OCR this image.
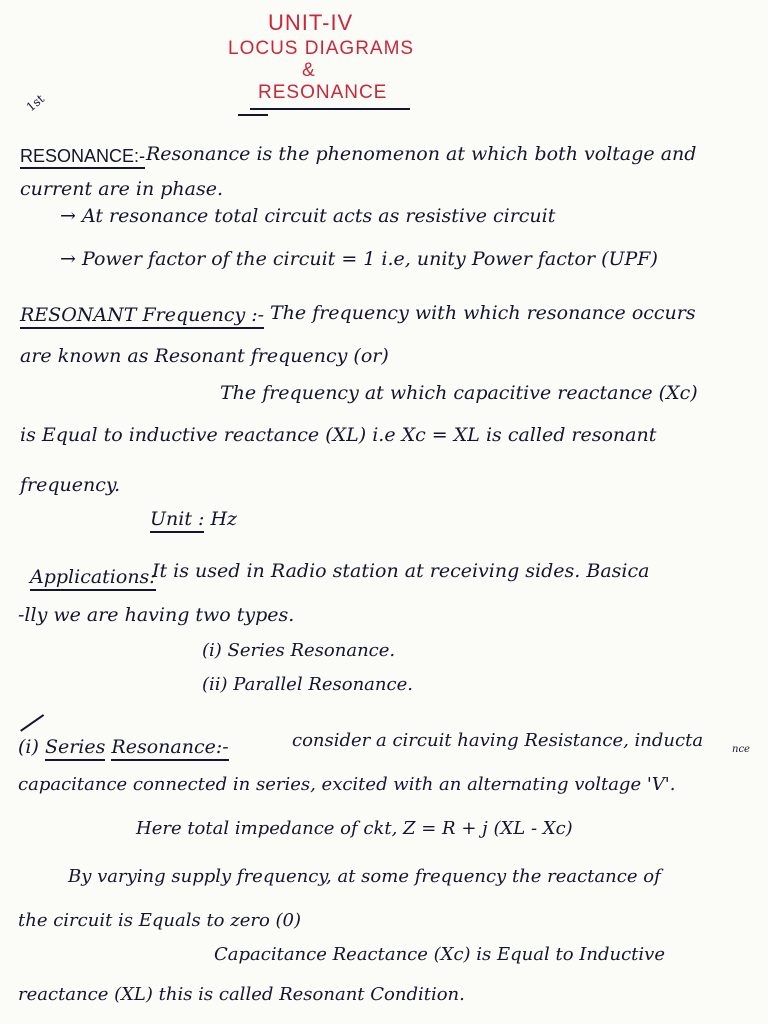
UNIT-IV
LOCUS DIAGRAMS
&
RESONANCE
1st
RESONANCE:- Resonance is the phenomenon at which both voltage and
current are in phase.
→ At resonance total circuit acts as resistive circuit
→ Power factor of the circuit = 1 i.e, unity Power factor (UPF)
RESONANT Frequency :- The frequency with which resonance occurs
are known as Resonant frequency (or)
The frequency at which capacitive reactance (Xc)
is Equal to inductive reactance (XL) i.e Xc = XL is called resonant
frequency.
Unit : Hz
Applications:
It is used in Radio station at receiving sides. Basica
-lly we are having two types.
(i) Series Resonance.
(ii) Parallel Resonance.
(i) Series Resonance:-	consider a circuit having Resistance, inducta	nce
capacitance connected in series, excited with an alternating voltage 'V'.
Here total impedance of ckt, Z = R + j (XL - Xc)
By varying supply frequency, at some frequency the reactance of
the circuit is Equals to zero (0)
Capacitance Reactance (Xc) is Equal to Inductive
reactance (XL) this is called Resonant Condition.
